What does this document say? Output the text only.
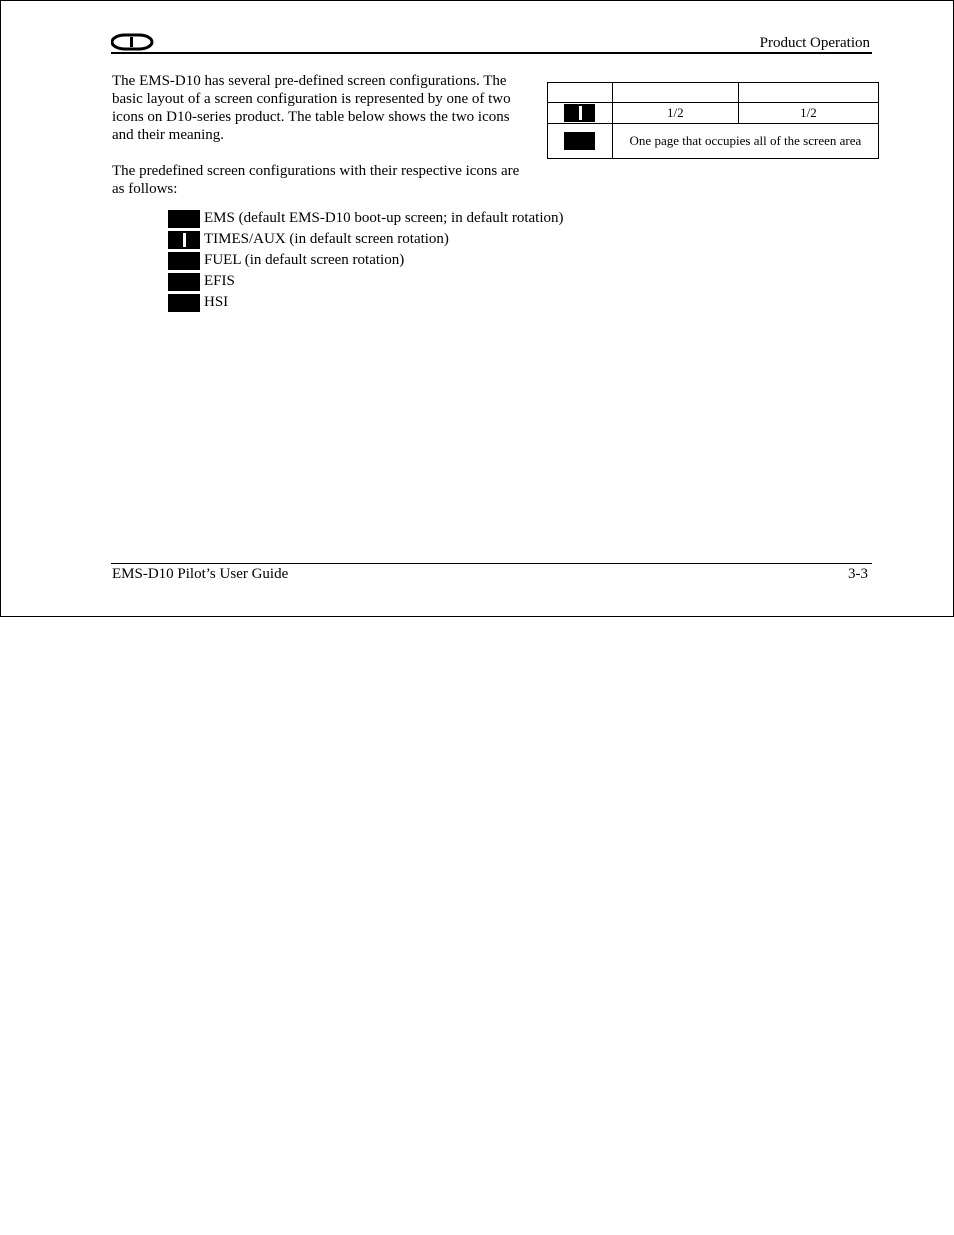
Product Operation

The EMS-D10 has several pre-defined screen configurations. The basic layout of a screen configuration is represented by one of two icons on D10-series product. The table below shows the two icons and their meaning.

The predefined screen configurations with their respective icons are as follows:

	1/2	1/2
	One page that occupies all of the screen area	
EMS (default EMS-D10 boot-up screen; in default rotation)
TIMES/AUX (in default screen rotation)
FUEL (in default screen rotation)
EFIS
HSI
EMS-D10 Pilot’s User Guide	3-3
